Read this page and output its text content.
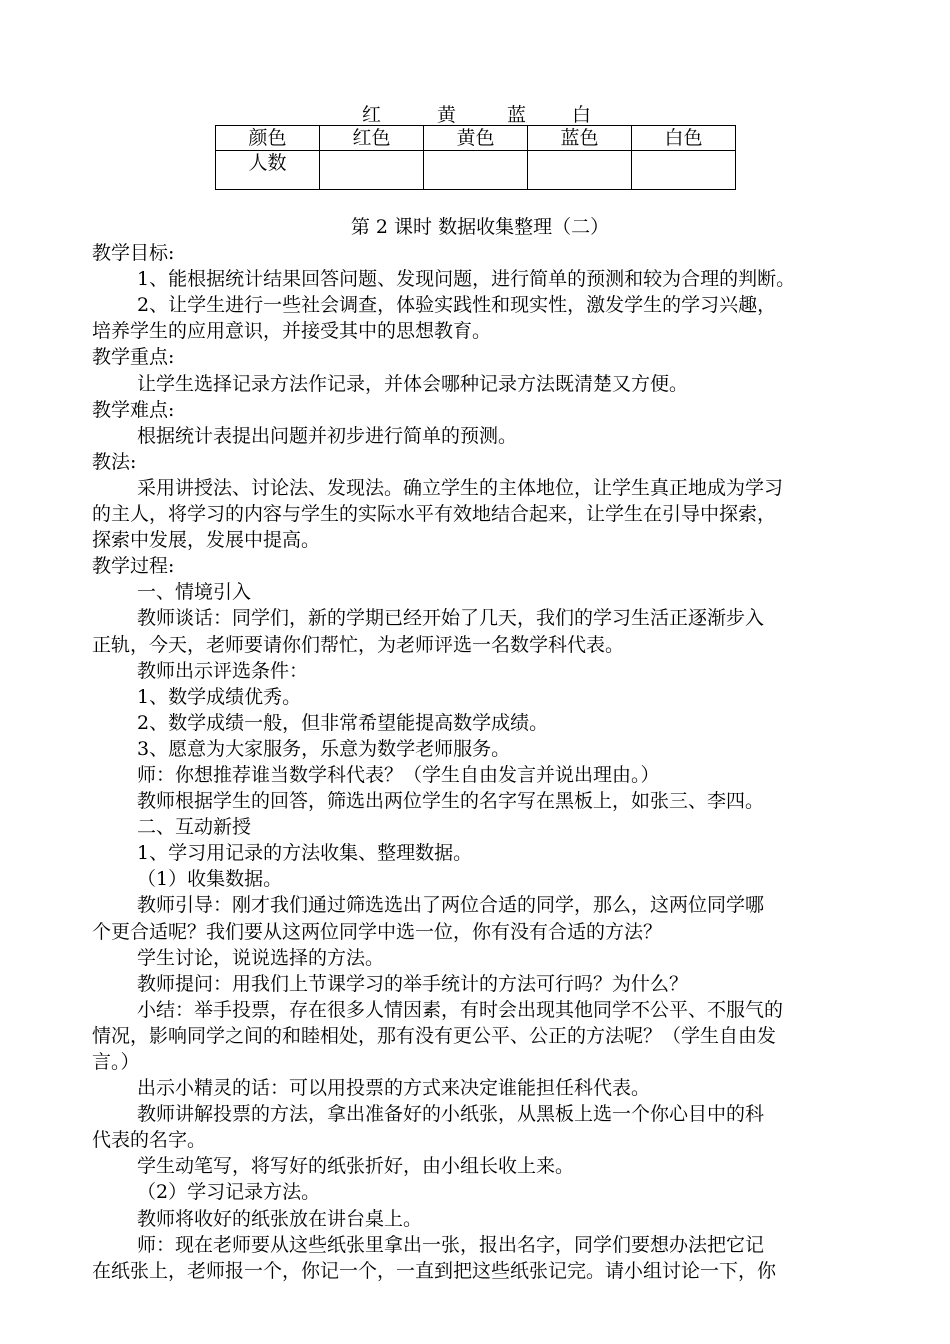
红	黄	蓝 白
颜色	红色	黄色	蓝色	白色
人数				

第 2 课时 数据收集整理（二）

教学目标:

1、能根据统计结果回答问题、发现问题，进行简单的预测和较为合理的判断。

2、让学生进行一些社会调查，体验实践性和现实性，激发学生的学习兴趣，

培养学生的应用意识，并接受其中的思想教育。

教学重点:

让学生选择记录方法作记录，并体会哪种记录方法既清楚又方便。

教学难点:

根据统计表提出问题并初步进行简单的预测。

教法:

采用讲授法、讨论法、发现法。确立学生的主体地位，让学生真正地成为学习

的主人，将学习的内容与学生的实际水平有效地结合起来，让学生在引导中探索，

探索中发展，发展中提高。

教学过程:

一、情境引入

教师谈话：同学们，新的学期已经开始了几天，我们的学习生活正逐渐步入

正轨，今天，老师要请你们帮忙，为老师评选一名数学科代表。

教师出示评选条件：

1、数学成绩优秀。

2、数学成绩一般，但非常希望能提高数学成绩。

3、愿意为大家服务，乐意为数学老师服务。

师：你想推荐谁当数学科代表？（学生自由发言并说出理由。）

教师根据学生的回答，筛选出两位学生的名字写在黑板上，如张三、李四。

二、互动新授

1、学习用记录的方法收集、整理数据。

（1）收集数据。

教师引导：刚才我们通过筛选选出了两位合适的同学，那么，这两位同学哪

个更合适呢？我们要从这两位同学中选一位，你有没有合适的方法？

学生讨论，说说选择的方法。

教师提问：用我们上节课学习的举手统计的方法可行吗？为什么？

小结：举手投票，存在很多人情因素，有时会出现其他同学不公平、不服气的

情况，影响同学之间的和睦相处，那有没有更公平、公正的方法呢？（学生自由发

言。）

出示小精灵的话：可以用投票的方式来决定谁能担任科代表。

教师讲解投票的方法，拿出准备好的小纸张，从黑板上选一个你心目中的科

代表的名字。

学生动笔写，将写好的纸张折好，由小组长收上来。

（2）学习记录方法。

教师将收好的纸张放在讲台桌上。

师：现在老师要从这些纸张里拿出一张，报出名字，同学们要想办法把它记

在纸张上，老师报一个，你记一个，一直到把这些纸张记完。请小组讨论一下，你
